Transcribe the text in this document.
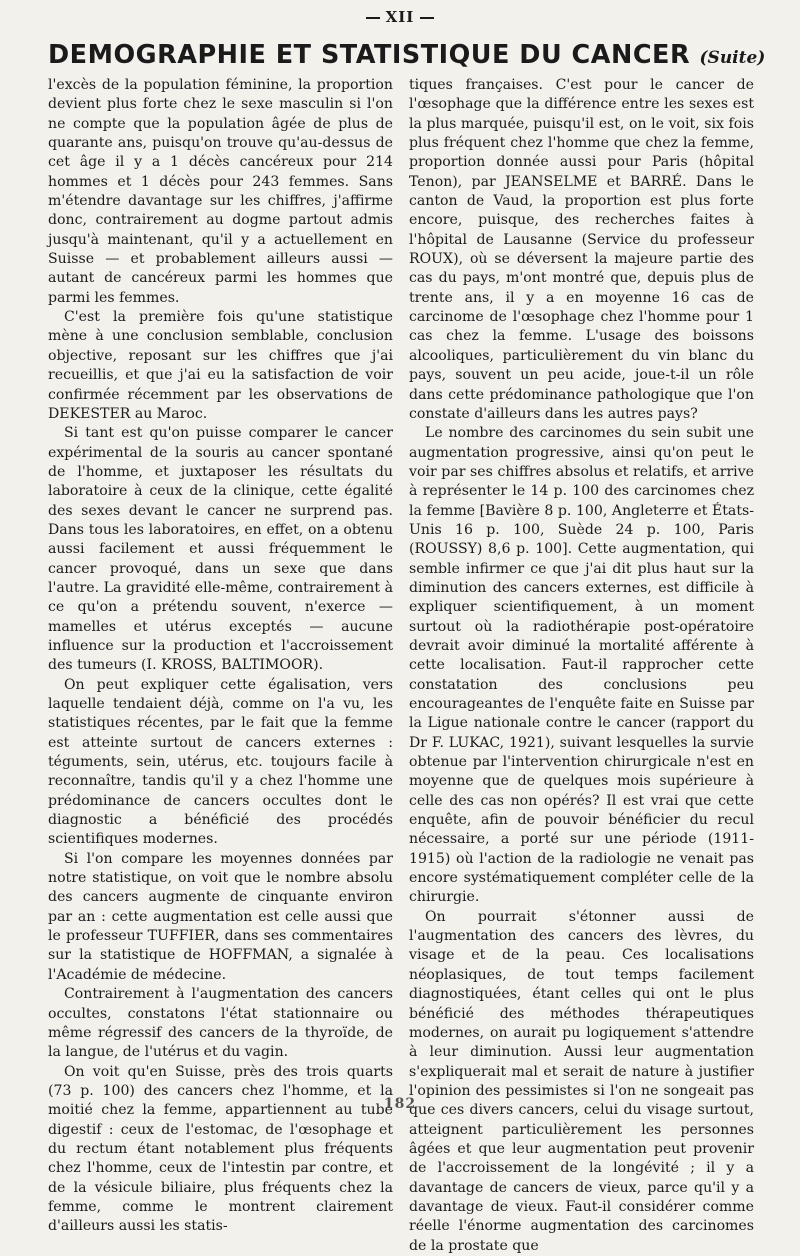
XII
DEMOGRAPHIE ET STATISTIQUE DU CANCER (Suite)

l'excès de la population féminine, la proportion devient plus forte chez le sexe masculin si l'on ne compte que la population âgée de plus de quarante ans, puisqu'on trouve qu'au-dessus de cet âge il y a 1 décès cancéreux pour 214 hommes et 1 décès pour 243 femmes. Sans m'étendre davantage sur les chiffres, j'affirme donc, contrairement au dogme partout admis jusqu'à maintenant, qu'il y a actuellement en Suisse — et probablement ailleurs aussi — autant de cancéreux parmi les hommes que parmi les femmes.

C'est la première fois qu'une statistique mène à une conclusion semblable, conclusion objective, reposant sur les chiffres que j'ai recueillis, et que j'ai eu la satisfaction de voir confirmée récemment par les observations de DEKESTER au Maroc.

Si tant est qu'on puisse comparer le cancer expérimental de la souris au cancer spontané de l'homme, et juxtaposer les résultats du laboratoire à ceux de la clinique, cette égalité des sexes devant le cancer ne surprend pas. Dans tous les laboratoires, en effet, on a obtenu aussi facilement et aussi fréquemment le cancer provoqué, dans un sexe que dans l'autre. La gravidité elle-même, contrairement à ce qu'on a prétendu souvent, n'exerce — mamelles et utérus exceptés — aucune influence sur la production et l'accroissement des tumeurs (I. KROSS, BALTIMOOR).

On peut expliquer cette égalisation, vers laquelle tendaient déjà, comme on l'a vu, les statistiques récentes, par le fait que la femme est atteinte surtout de cancers externes : téguments, sein, utérus, etc. toujours facile à reconnaître, tandis qu'il y a chez l'homme une prédominance de cancers occultes dont le diagnostic a bénéficié des procédés scientifiques modernes.

Si l'on compare les moyennes données par notre statistique, on voit que le nombre absolu des cancers augmente de cinquante environ par an : cette augmentation est celle aussi que le professeur TUFFIER, dans ses commentaires sur la statistique de HOFFMAN, a signalée à l'Académie de médecine.

Contrairement à l'augmentation des cancers occultes, constatons l'état stationnaire ou même régressif des cancers de la thyroïde, de la langue, de l'utérus et du vagin.

On voit qu'en Suisse, près des trois quarts (73 p. 100) des cancers chez l'homme, et la moitié chez la femme, appartiennent au tube digestif : ceux de l'estomac, de l'œsophage et du rectum étant notablement plus fréquents chez l'homme, ceux de l'intestin par contre, et de la vésicule biliaire, plus fréquents chez la femme, comme le montrent clairement d'ailleurs aussi les statis-

tiques françaises. C'est pour le cancer de l'œsophage que la différence entre les sexes est la plus marquée, puisqu'il est, on le voit, six fois plus fréquent chez l'homme que chez la femme, proportion donnée aussi pour Paris (hôpital Tenon), par JEANSELME et BARRÉ. Dans le canton de Vaud, la proportion est plus forte encore, puisque, des recherches faites à l'hôpital de Lausanne (Service du professeur ROUX), où se déversent la majeure partie des cas du pays, m'ont montré que, depuis plus de trente ans, il y a en moyenne 16 cas de carcinome de l'œsophage chez l'homme pour 1 cas chez la femme. L'usage des boissons alcooliques, particulièrement du vin blanc du pays, souvent un peu acide, joue-t-il un rôle dans cette prédominance pathologique que l'on constate d'ailleurs dans les autres pays?

Le nombre des carcinomes du sein subit une augmentation progressive, ainsi qu'on peut le voir par ses chiffres absolus et relatifs, et arrive à représenter le 14 p. 100 des carcinomes chez la femme [Bavière 8 p. 100, Angleterre et États-Unis 16 p. 100, Suède 24 p. 100, Paris (ROUSSY) 8,6 p. 100]. Cette augmentation, qui semble infirmer ce que j'ai dit plus haut sur la diminution des cancers externes, est difficile à expliquer scientifiquement, à un moment surtout où la radiothérapie post-opératoire devrait avoir diminué la mortalité afférente à cette localisation. Faut-il rapprocher cette constatation des conclusions peu encourageantes de l'enquête faite en Suisse par la Ligue nationale contre le cancer (rapport du Dr F. LUKAC, 1921), suivant lesquelles la survie obtenue par l'intervention chirurgicale n'est en moyenne que de quelques mois supérieure à celle des cas non opérés? Il est vrai que cette enquête, afin de pouvoir bénéficier du recul nécessaire, a porté sur une période (1911-1915) où l'action de la radiologie ne venait pas encore systématiquement compléter celle de la chirurgie.

On pourrait s'étonner aussi de l'augmentation des cancers des lèvres, du visage et de la peau. Ces localisations néoplasiques, de tout temps facilement diagnostiquées, étant celles qui ont le plus bénéficié des méthodes thérapeutiques modernes, on aurait pu logiquement s'attendre à leur diminution. Aussi leur augmentation s'expliquerait mal et serait de nature à justifier l'opinion des pessimistes si l'on ne songeait pas que ces divers cancers, celui du visage surtout, atteignent particulièrement les personnes âgées et que leur augmentation peut provenir de l'accroissement de la longévité ; il y a davantage de cancers de vieux, parce qu'il y a davantage de vieux. Faut-il considérer comme réelle l'énorme augmentation des carcinomes de la prostate que

182
